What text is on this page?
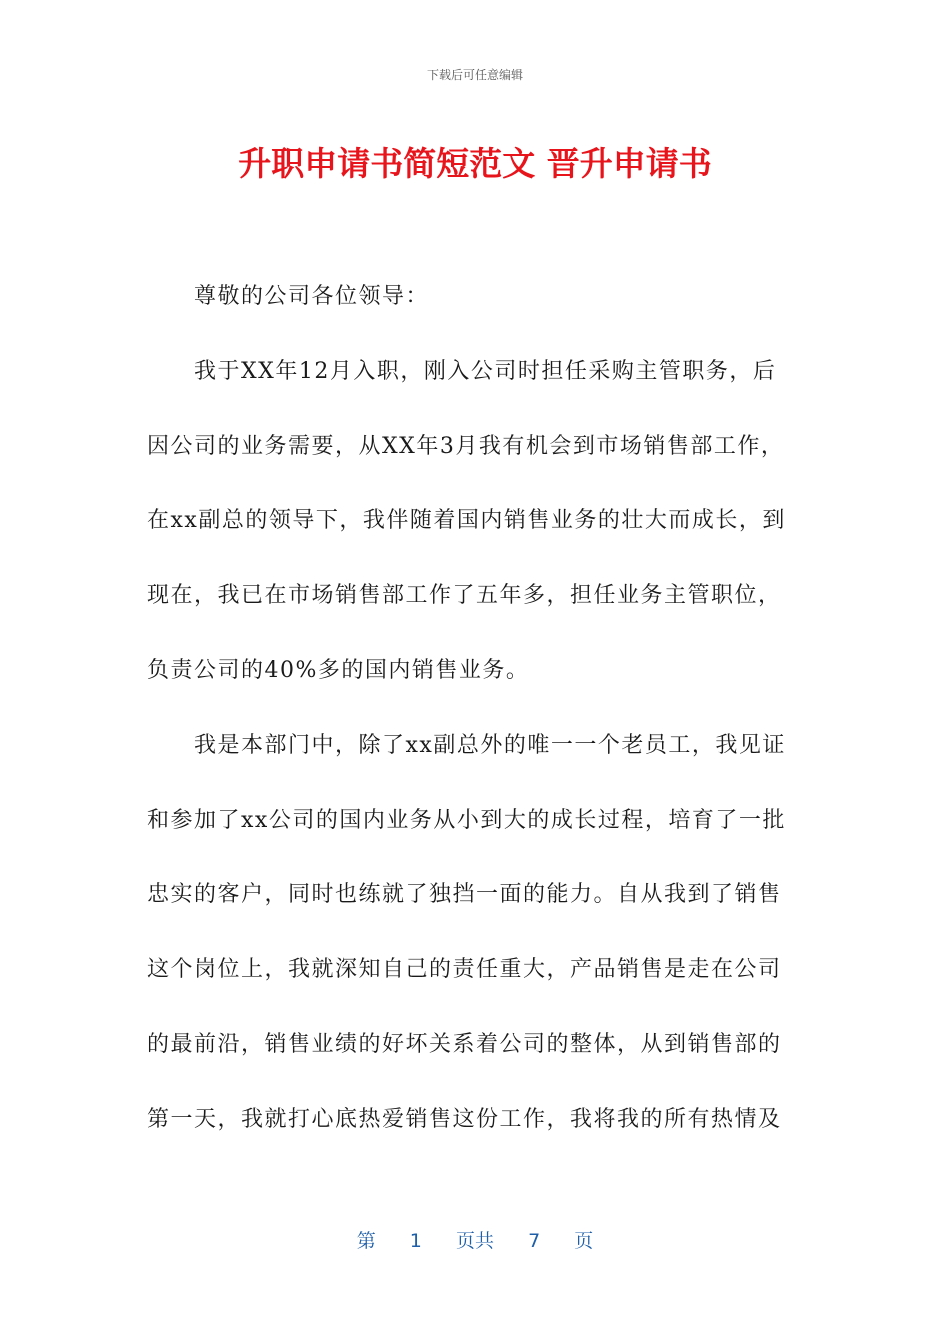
下载后可任意编辑
升职申请书简短范文 晋升申请书
尊敬的公司各位领导：
我于XX年12月入职，刚入公司时担任采购主管职务，后
因公司的业务需要，从XX年3月我有机会到市场销售部工作，
在xx副总的领导下，我伴随着国内销售业务的壮大而成长，到
现在，我已在市场销售部工作了五年多，担任业务主管职位，
负责公司的40%多的国内销售业务。
我是本部门中，除了xx副总外的唯一一个老员工，我见证
和参加了xx公司的国内业务从小到大的成长过程，培育了一批
忠实的客户，同时也练就了独挡一面的能力。自从我到了销售
这个岗位上，我就深知自己的责任重大，产品销售是走在公司
的最前沿，销售业绩的好坏关系着公司的整体，从到销售部的
第一天，我就打心底热爱销售这份工作，我将我的所有热情及
第 1 页共 7 页
